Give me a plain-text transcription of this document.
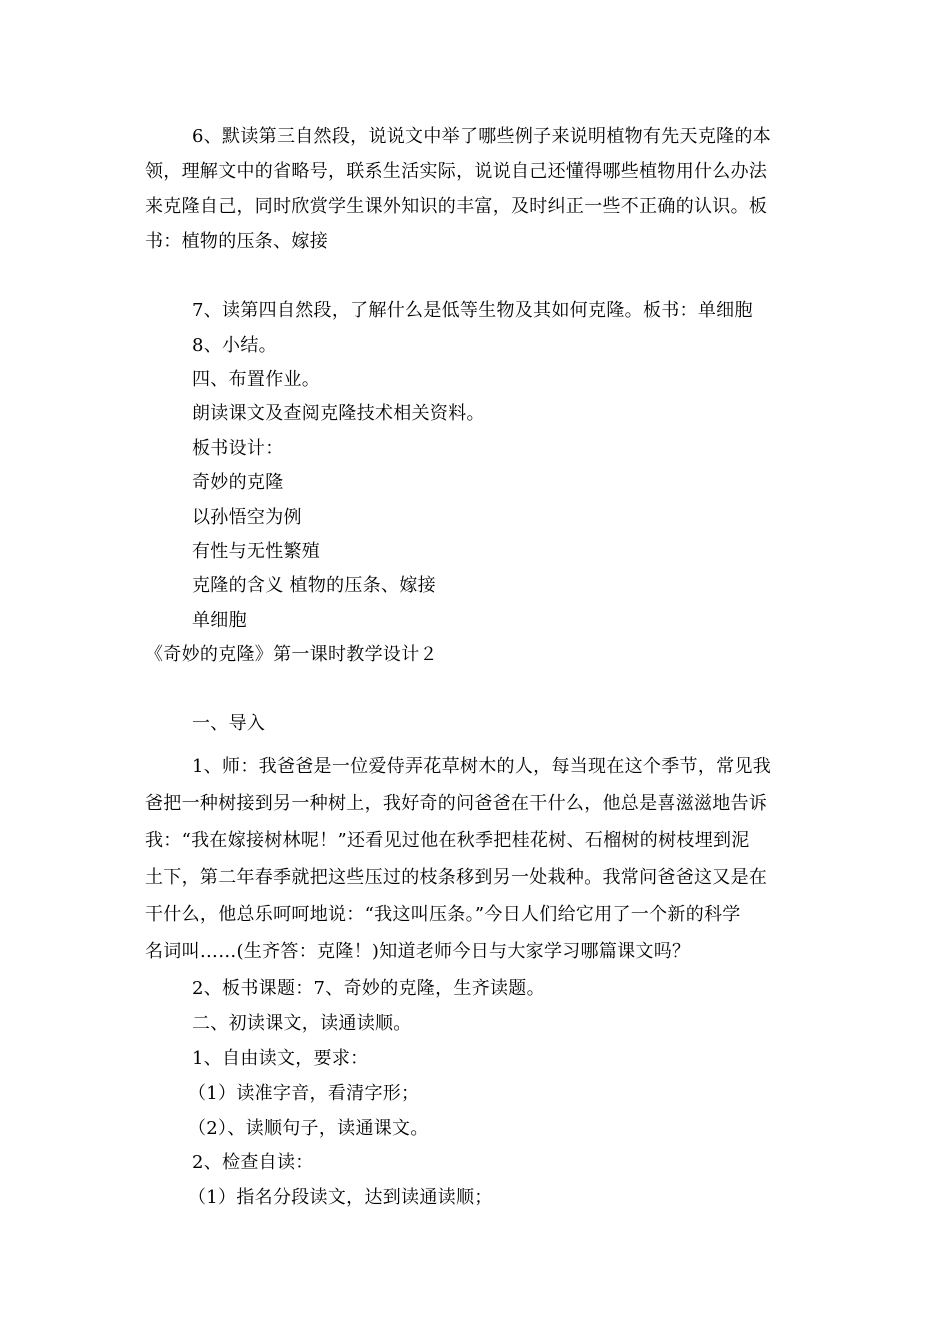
6、默读第三自然段，说说文中举了哪些例子来说明植物有先天克隆的本
领，理解文中的省略号，联系生活实际，说说自己还懂得哪些植物用什么办法
来克隆自己，同时欣赏学生课外知识的丰富，及时纠正一些不正确的认识。板
书：植物的压条、嫁接
7、读第四自然段，了解什么是低等生物及其如何克隆。板书：单细胞
8、小结。
四、布置作业。
朗读课文及查阅克隆技术相关资料。
板书设计：
奇妙的克隆
以孙悟空为例
有性与无性繁殖
克隆的含义 植物的压条、嫁接
单细胞
《奇妙的克隆》第一课时教学设计２
一、导入
1、师：我爸爸是一位爱侍弄花草树木的人，每当现在这个季节，常见我
爸把一种树接到另一种树上，我好奇的问爸爸在干什么，他总是喜滋滋地告诉
我：“我在嫁接树林呢！”还看见过他在秋季把桂花树、石榴树的树枝埋到泥
土下，第二年春季就把这些压过的枝条移到另一处栽种。我常问爸爸这又是在
干什么，他总乐呵呵地说：“我这叫压条。”今日人们给它用了一个新的科学
名词叫……(生齐答：克隆！)知道老师今日与大家学习哪篇课文吗？
2、板书课题：7、奇妙的克隆，生齐读题。
二、初读课文，读通读顺。
1、自由读文，要求：
（1）读准字音，看清字形；
（2）、读顺句子，读通课文。
2、检查自读：
（1）指名分段读文，达到读通读顺；
